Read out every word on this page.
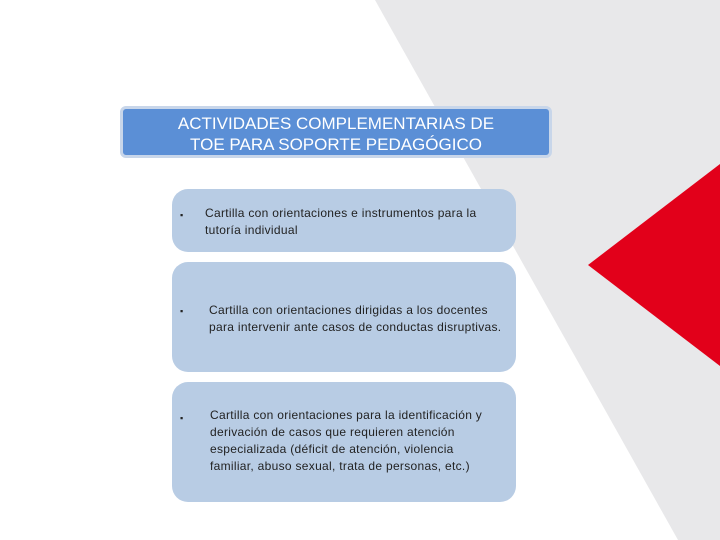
ACTIVIDADES COMPLEMENTARIAS DE
TOE PARA SOPORTE PEDAGÓGICO
▪ Cartilla con orientaciones e instrumentos para la
tutoría individual
▪ Cartilla con orientaciones dirigidas a los docentes
para intervenir ante casos de conductas disruptivas.
▪ Cartilla con orientaciones para la identificación y
derivación de casos que requieren atención
especializada (déficit de atención, violencia
familiar, abuso sexual, trata de personas, etc.)
